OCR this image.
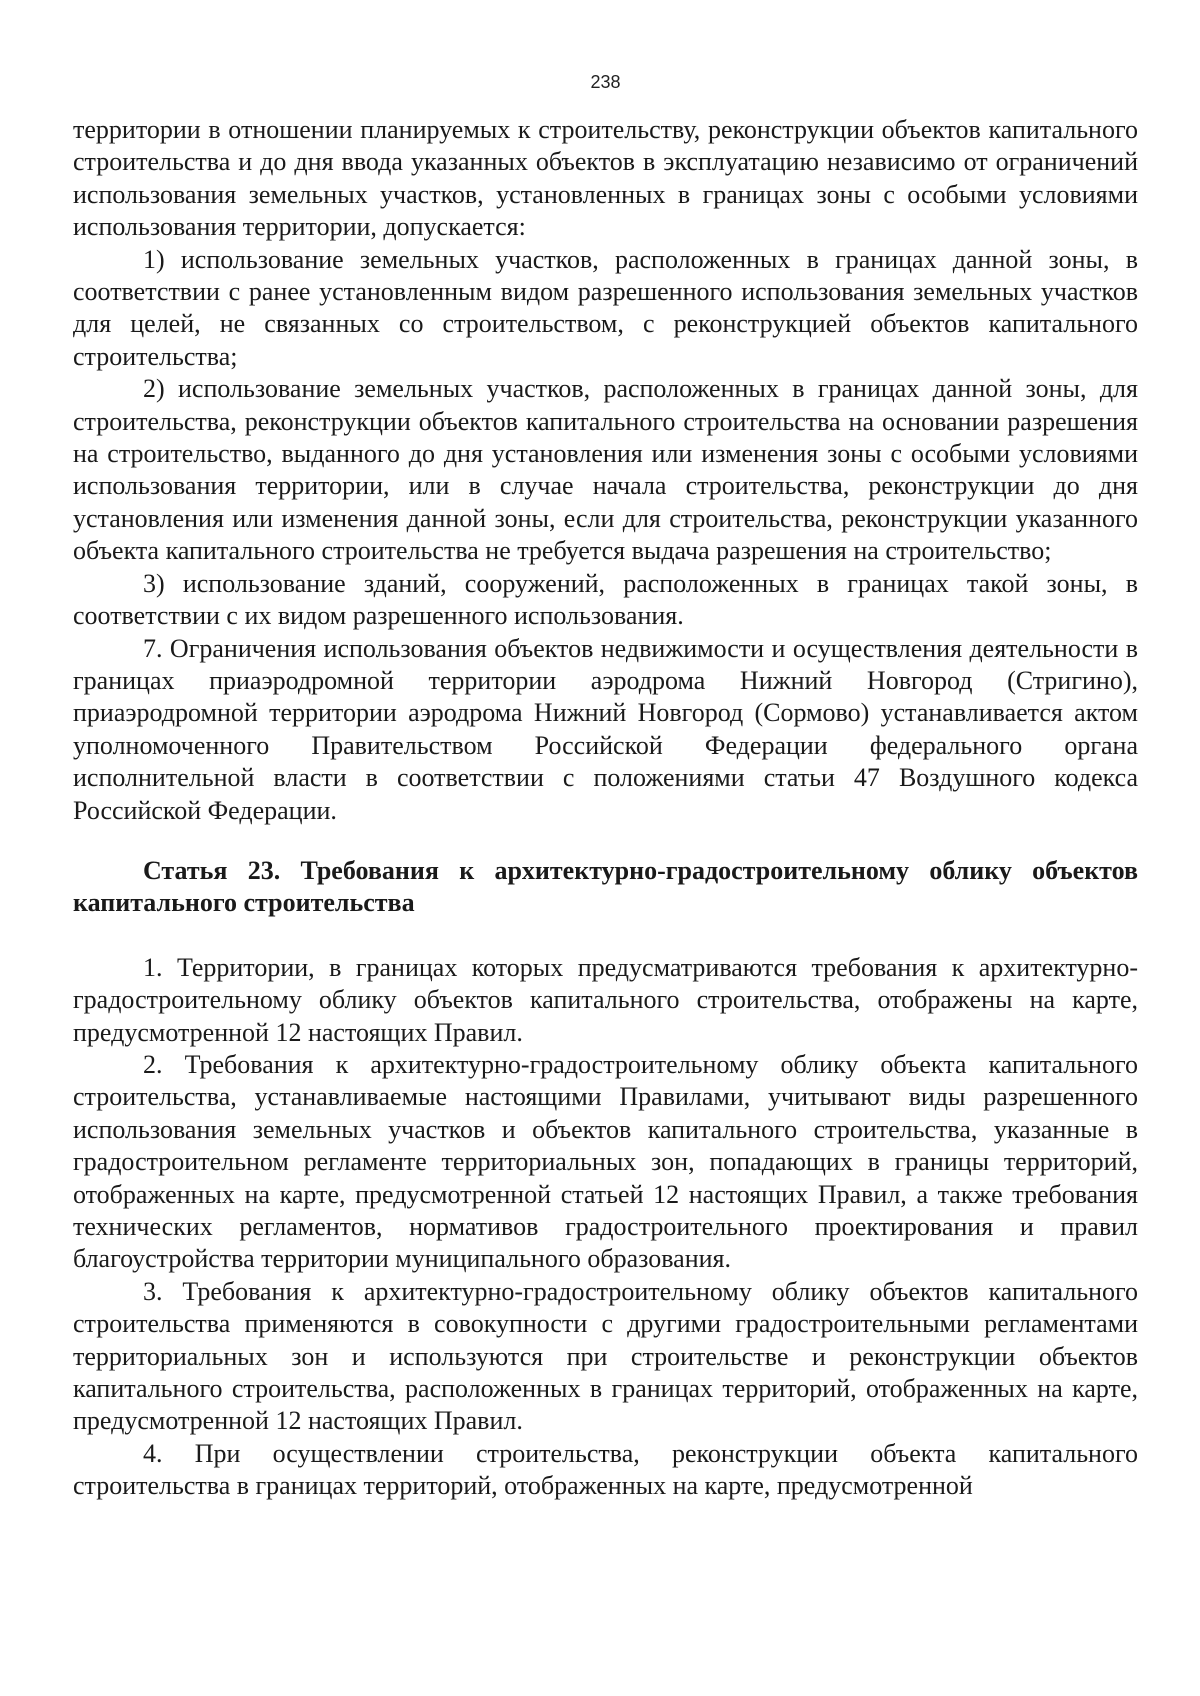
238

территории в отношении планируемых к строительству, реконструкции объектов капитального строительства и до дня ввода указанных объектов в эксплуатацию независимо от ограничений использования земельных участков, установленных в границах зоны с особыми условиями использования территории, допускается:

1) использование земельных участков, расположенных в границах данной зоны, в соответствии с ранее установленным видом разрешенного использования земельных участков для целей, не связанных со строительством, с реконструкцией объектов капитального строительства;

2) использование земельных участков, расположенных в границах данной зоны, для строительства, реконструкции объектов капитального строительства на основании разрешения на строительство, выданного до дня установления или изменения зоны с особыми условиями использования территории, или в случае начала строительства, реконструкции до дня установления или изменения данной зоны, если для строительства, реконструкции указанного объекта капитального строительства не требуется выдача разрешения на строительство;

3) использование зданий, сооружений, расположенных в границах такой зоны, в соответствии с их видом разрешенного использования.

7. Ограничения использования объектов недвижимости и осуществления деятельности в границах приаэродромной территории аэродрома Нижний Новгород (Стригино), приаэродромной территории аэродрома Нижний Новгород (Сормово) устанавливается актом уполномоченного Правительством Российской Федерации федерального органа исполнительной власти в соответствии с положениями статьи 47 Воздушного кодекса Российской Федерации.

Статья 23. Требования к архитектурно-градостроительному облику объектов капитального строительства

1. Территории, в границах которых предусматриваются требования к архитектурно-градостроительному облику объектов капитального строительства, отображены на карте, предусмотренной 12 настоящих Правил.

2. Требования к архитектурно-градостроительному облику объекта капитального строительства, устанавливаемые настоящими Правилами, учитывают виды разрешенного использования земельных участков и объектов капитального строительства, указанные в градостроительном регламенте территориальных зон, попадающих в границы территорий, отображенных на карте, предусмотренной статьей 12 настоящих Правил, а также требования технических регламентов, нормативов градостроительного проектирования и правил благоустройства территории муниципального образования.

3. Требования к архитектурно-градостроительному облику объектов капитального строительства применяются в совокупности с другими градостроительными регламентами территориальных зон и используются при строительстве и реконструкции объектов капитального строительства, расположенных в границах территорий, отображенных на карте, предусмотренной 12 настоящих Правил.

4. При осуществлении строительства, реконструкции объекта капитального строительства в границах территорий, отображенных на карте, предусмотренной
